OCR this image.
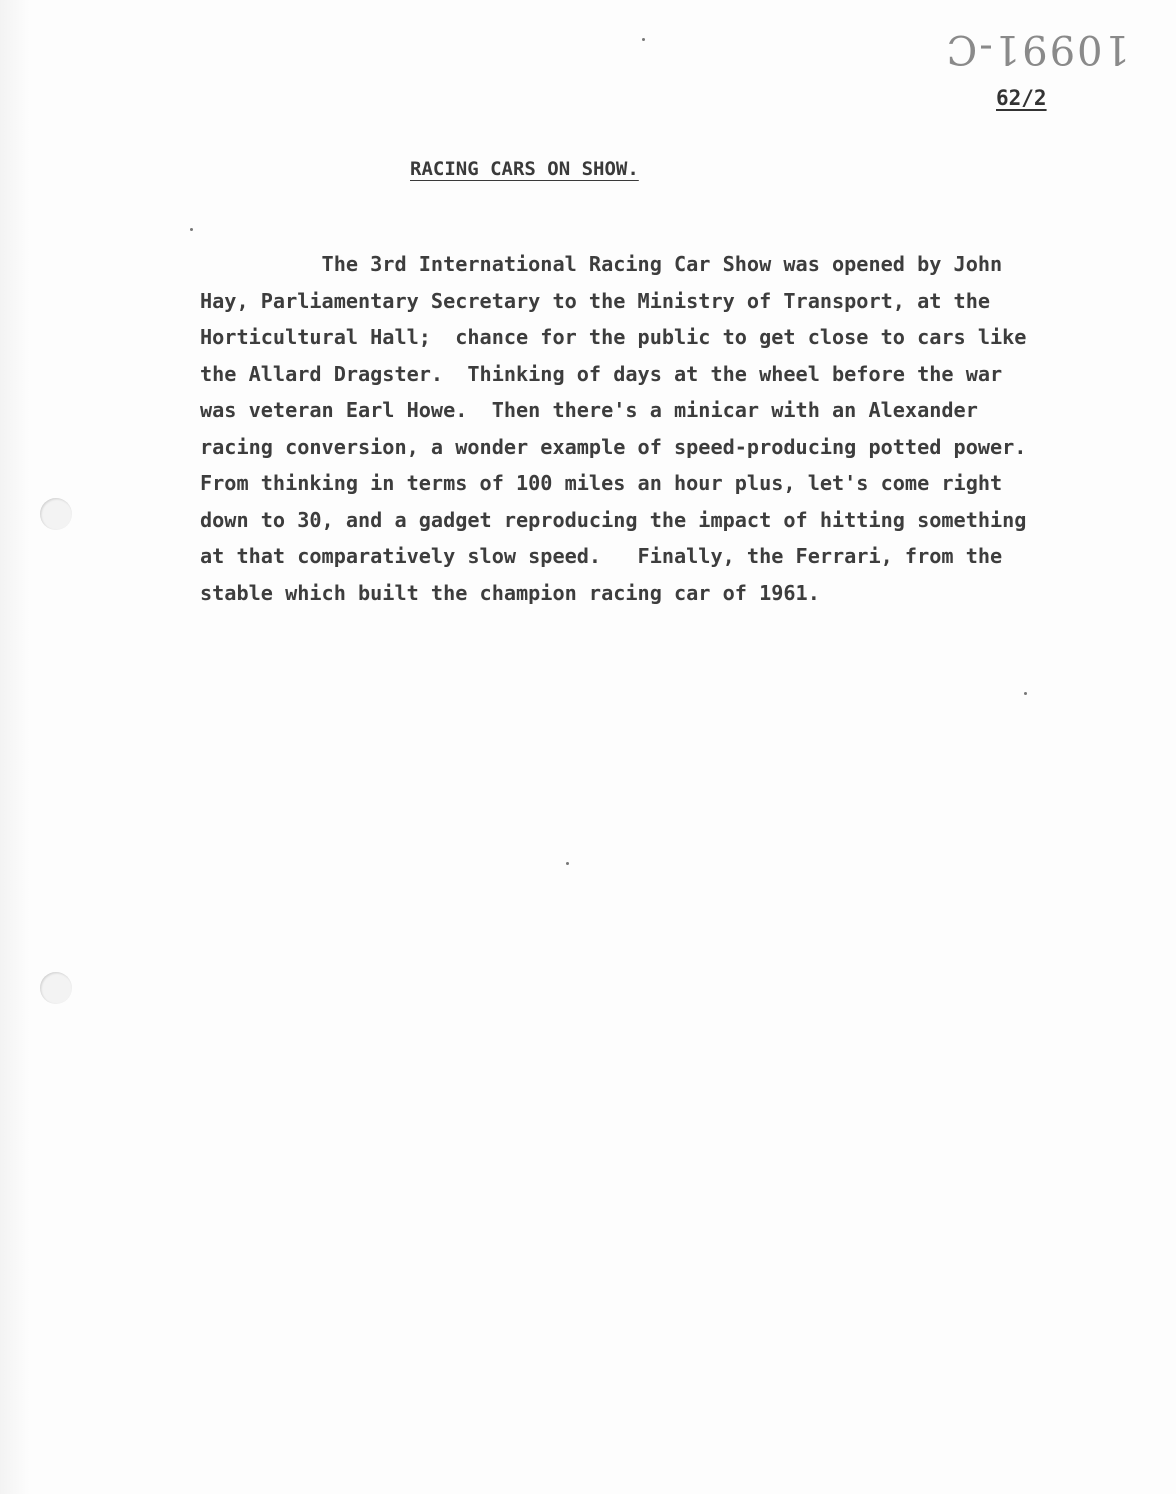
10991-C
62/2
RACING CARS ON SHOW.

The 3rd International Racing Car Show was opened by John
Hay, Parliamentary Secretary to the Ministry of Transport, at the
Horticultural Hall;  chance for the public to get close to cars like
the Allard Dragster.  Thinking of days at the wheel before the war
was veteran Earl Howe.  Then there's a minicar with an Alexander
racing conversion, a wonder example of speed-producing potted power.
From thinking in terms of 100 miles an hour plus, let's come right
down to 30, and a gadget reproducing the impact of hitting something
at that comparatively slow speed.   Finally, the Ferrari, from the
stable which built the champion racing car of 1961.
